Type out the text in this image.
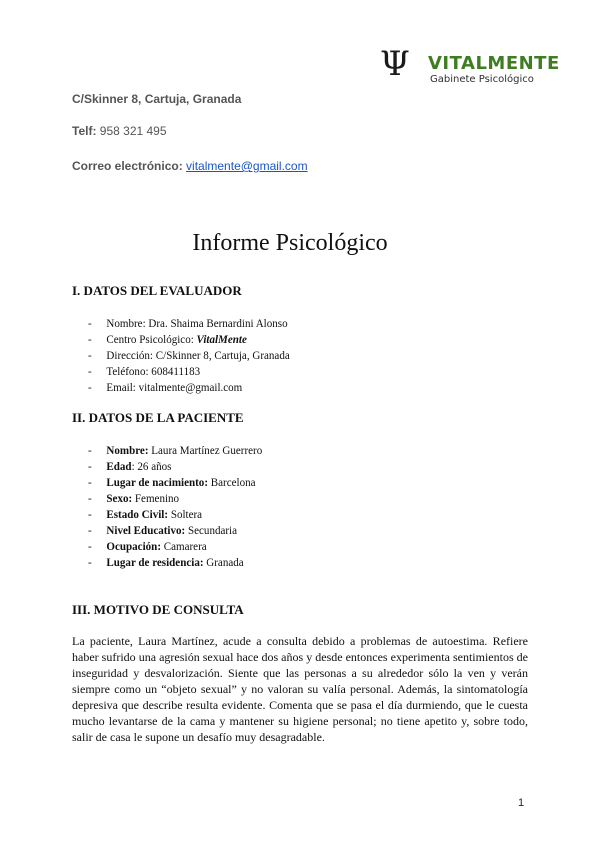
Ψ VITALMENTE
Gabinete Psicológico
C/Skinner 8, Cartuja, Granada
Telf: 958 321 495
Correo electrónico: vitalmente@gmail.com
Informe Psicológico
I. DATOS DEL EVALUADOR
- Nombre: Dra. Shaima Bernardini Alonso
- Centro Psicológico: VitalMente
- Dirección: C/Skinner 8, Cartuja, Granada
- Teléfono: 608411183
- Email: vitalmente@gmail.com
II. DATOS DE LA PACIENTE
- Nombre: Laura Martínez Guerrero
- Edad: 26 años
- Lugar de nacimiento: Barcelona
- Sexo: Femenino
- Estado Civil: Soltera
- Nivel Educativo: Secundaria
- Ocupación: Camarera
- Lugar de residencia: Granada
III. MOTIVO DE CONSULTA

La paciente, Laura Martínez, acude a consulta debido a problemas de autoestima. Refiere haber sufrido una agresión sexual hace dos años y desde entonces experimenta sentimientos de inseguridad y desvalorización. Siente que las personas a su alrededor sólo la ven y verán siempre como un “objeto sexual” y no valoran su valía personal. Además, la sintomatología depresiva que describe resulta evidente. Comenta que se pasa el día durmiendo, que le cuesta mucho levantarse de la cama y mantener su higiene personal; no tiene apetito y, sobre todo, salir de casa le supone un desafío muy desagradable.

1
